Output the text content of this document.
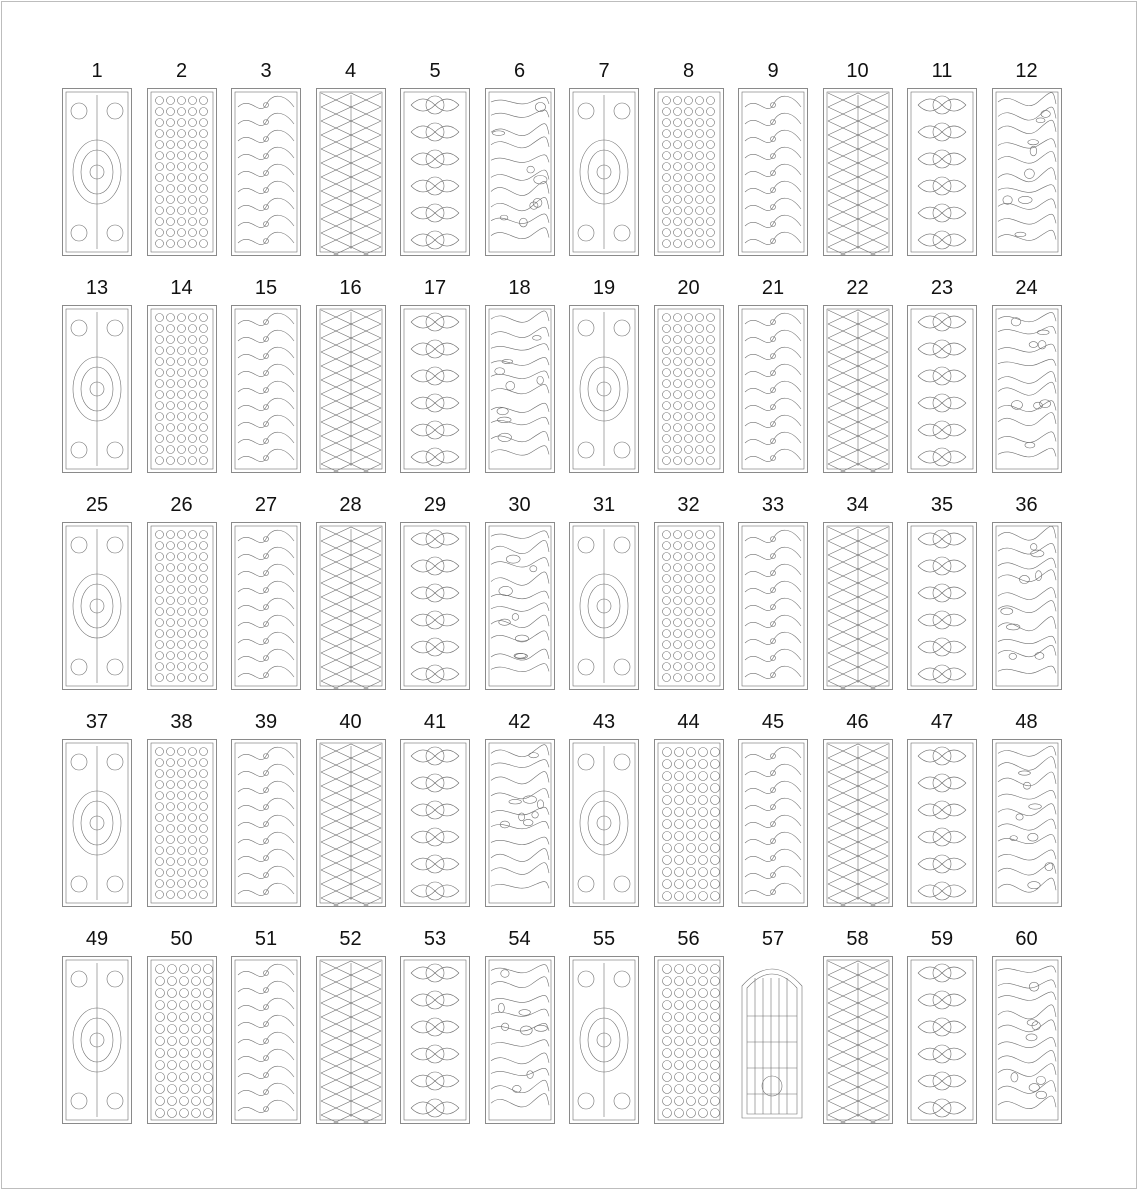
1	2	3	4	5	6	7	8	9	10	11	12
13	14	15	16	17	18	19	20	21	22	23	24
25	26	27	28	29	30	31	32	33	34	35	36
37	38	39	40	41	42	43	44	45	46	47	48
49	50	51	52	53	54	55	56	57	58	59	60
